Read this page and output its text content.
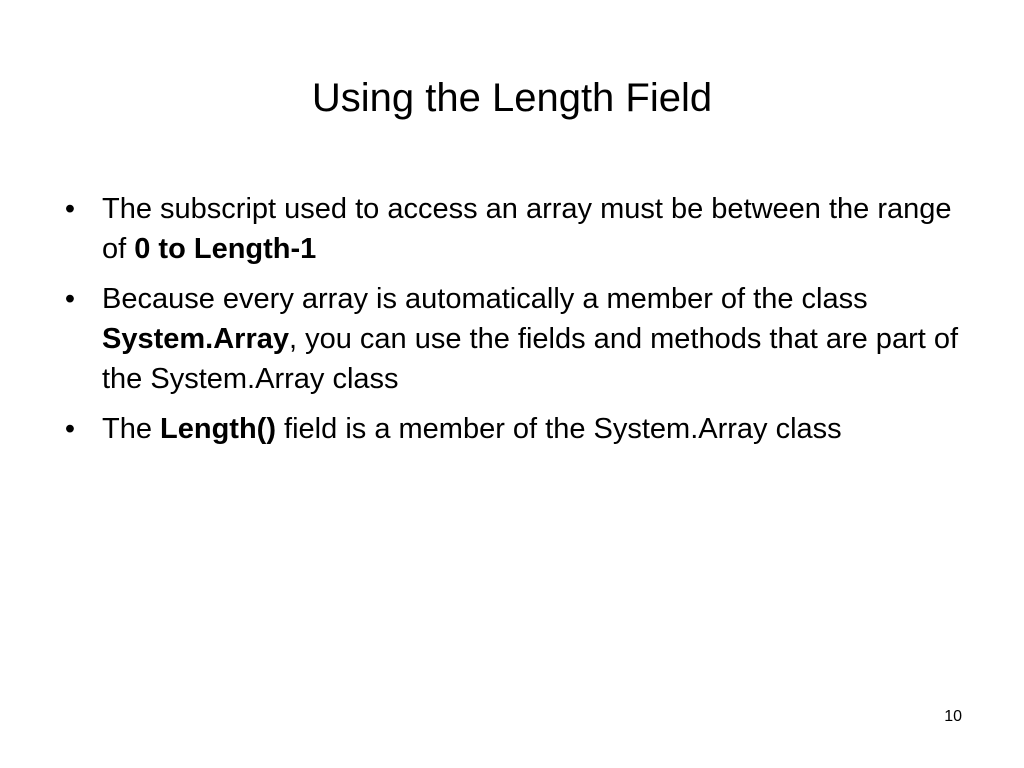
Using the Length Field
• The subscript used to access an array must be between the range of 0 to Length-1
• Because every array is automatically a member of the class System.Array, you can use the fields and methods that are part of the System.Array class
• The Length() field is a member of the System.Array class
10
